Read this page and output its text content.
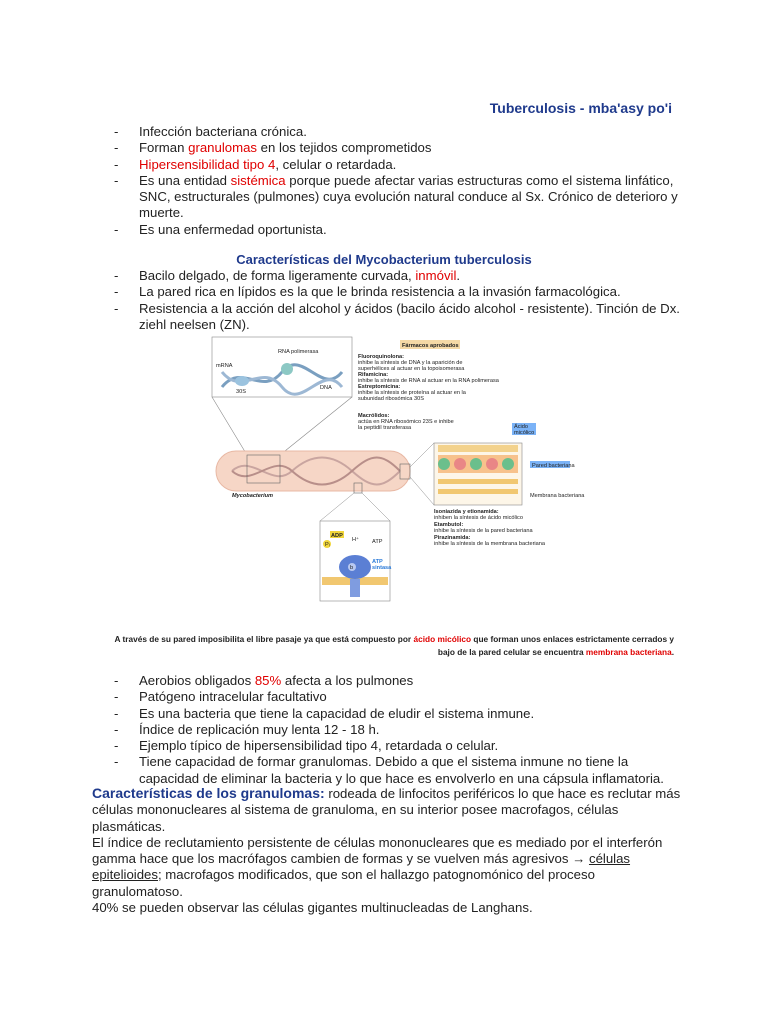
Tuberculosis - mba'asy po'i
- Infección bacteriana crónica.
- Forman granulomas en los tejidos comprometidos
- Hipersensibilidad tipo 4, celular o retardada.
- Es una entidad sistémica porque puede afectar varias estructuras como el sistema linfático, SNC, estructurales (pulmones) cuya evolución natural conduce al Sx. Crónico de deterioro y muerte.
- Es una enfermedad oportunista.
Características del Mycobacterium tuberculosis
- Bacilo delgado, de forma ligeramente curvada, inmóvil.
- La pared rica en lípidos es la que le brinda resistencia a la invasión farmacológica.
- Resistencia a la acción del alcohol y ácidos (bacilo ácido alcohol - resistente). Tinción de Dx. ziehl neelsen (ZN).
RNA polimerasa
mRNA
DNA
30S
Fármacos aprobados
Fluoroquinolona:
inhibe la síntesis de DNA y la aparición de
superhélices al actuar en la topoisomerasa
Rifamicina:
inhibe la síntesis de RNA al actuar en la RNA polimerasa
Estreptomicina:
inhibe la síntesis de proteína al actuar en la
subunidad ribosómica 30S
Macrólidos:
actúa en RNA ribosómico 23S e inhibe
la peptidil transferasa
Mycobacterium
Ácido
micólico
Pared bacteriana
Membrana bacteriana
Isoniazida y etionamida:
inhiben la síntesis de ácido micólico
Etambutol:
inhibe la síntesis de la pared bacteriana
Pirazinamida:
inhibe la síntesis de la membrana bacteriana
b
ADP
Pᵢ
H⁺ ATP
ATP
sintasa
A través de su pared imposibilita el libre pasaje ya que está compuesto por ácido micólico que forman unos enlaces estrictamente cerrados y bajo de la pared celular se encuentra membrana bacteriana.
- Aerobios obligados 85% afecta a los pulmones
- Patógeno intracelular facultativo
- Es una bacteria que tiene la capacidad de eludir el sistema inmune.
- Índice de replicación muy lenta 12 - 18 h.
- Ejemplo típico de hipersensibilidad tipo 4, retardada o celular.
- Tiene capacidad de formar granulomas. Debido a que el sistema inmune no tiene la capacidad de eliminar la bacteria y lo que hace es envolverlo en una cápsula inflamatoria.

Características de los granulomas: rodeada de linfocitos periféricos lo que hace es reclutar más células mononucleares al sistema de granuloma, en su interior posee macrofagos, células plasmáticas.

El índice de reclutamiento persistente de células mononucleares que es mediado por el interferón gamma hace que los macrófagos cambien de formas y se vuelven más agresivos → células epitelioides; macrofagos modificados, que son el hallazgo patognomónico del proceso granulomatoso.

40% se pueden observar las células gigantes multinucleadas de Langhans.
